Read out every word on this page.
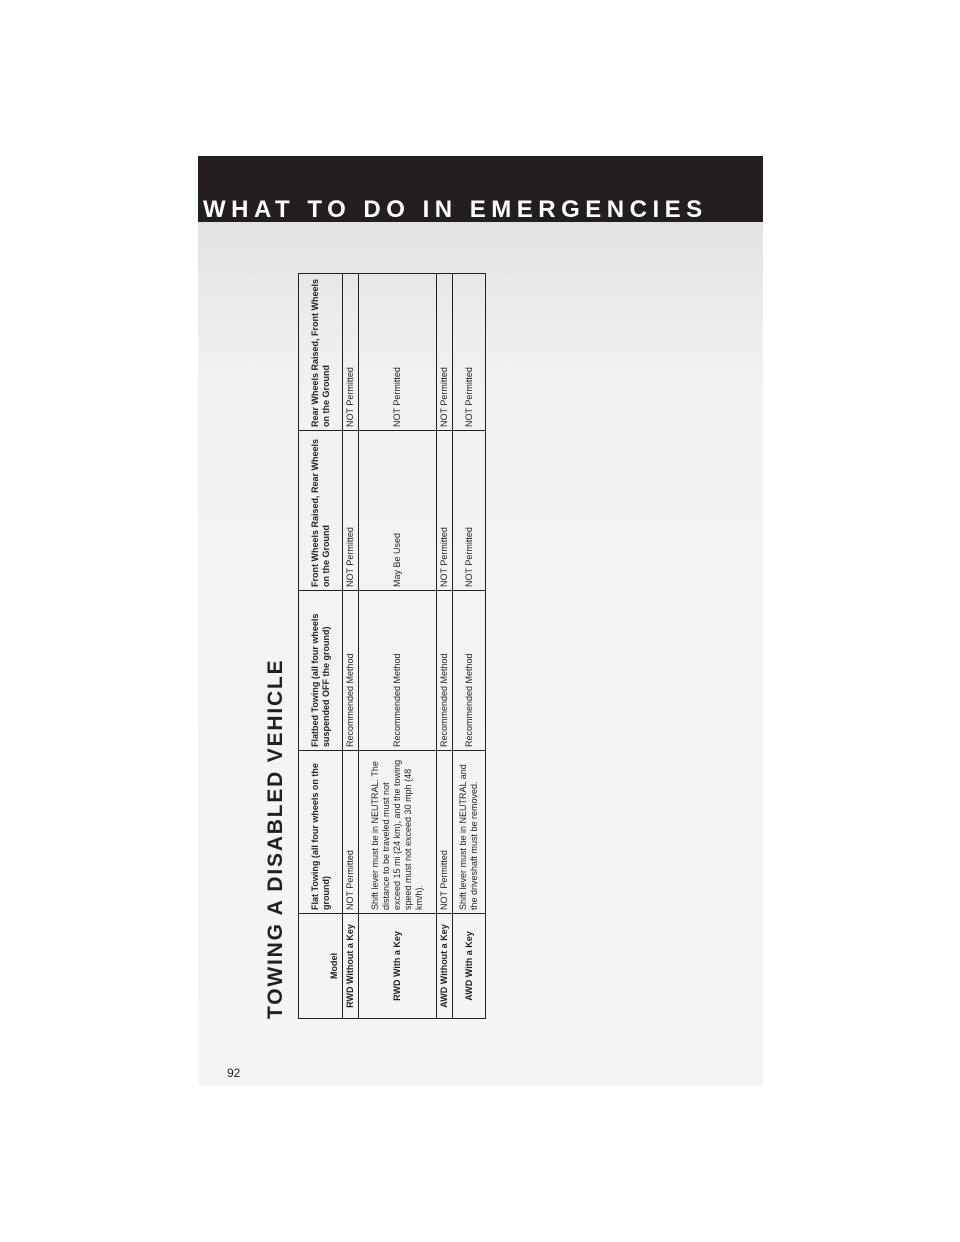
WHAT TO DO IN EMERGENCIES
TOWING A DISABLED VEHICLE	Model	Flat Towing (all four wheels on the ground)	Flatbed Towing (all four wheels suspended OFF the ground)	Front Wheels Raised, Rear Wheels on the Ground	Rear Wheels Raised, Front Wheels on the Ground
RWD Without a Key	NOT Permitted	Recommended Method	NOT Permitted	NOT Permitted
RWD With a Key	Shift lever must be in NEUTRAL. The distance to be traveled must not exceed 15 mi (24 km), and the towing speed must not exceed 30 mph (48 km/h).	Recommended Method	May Be Used	NOT Permitted
AWD Without a Key	NOT Permitted	Recommended Method	NOT Permitted	NOT Permitted
AWD With a Key	Shift lever must be in NEUTRAL and the driveshaft must be removed.	Recommended Method	NOT Permitted	NOT Permitted
92
